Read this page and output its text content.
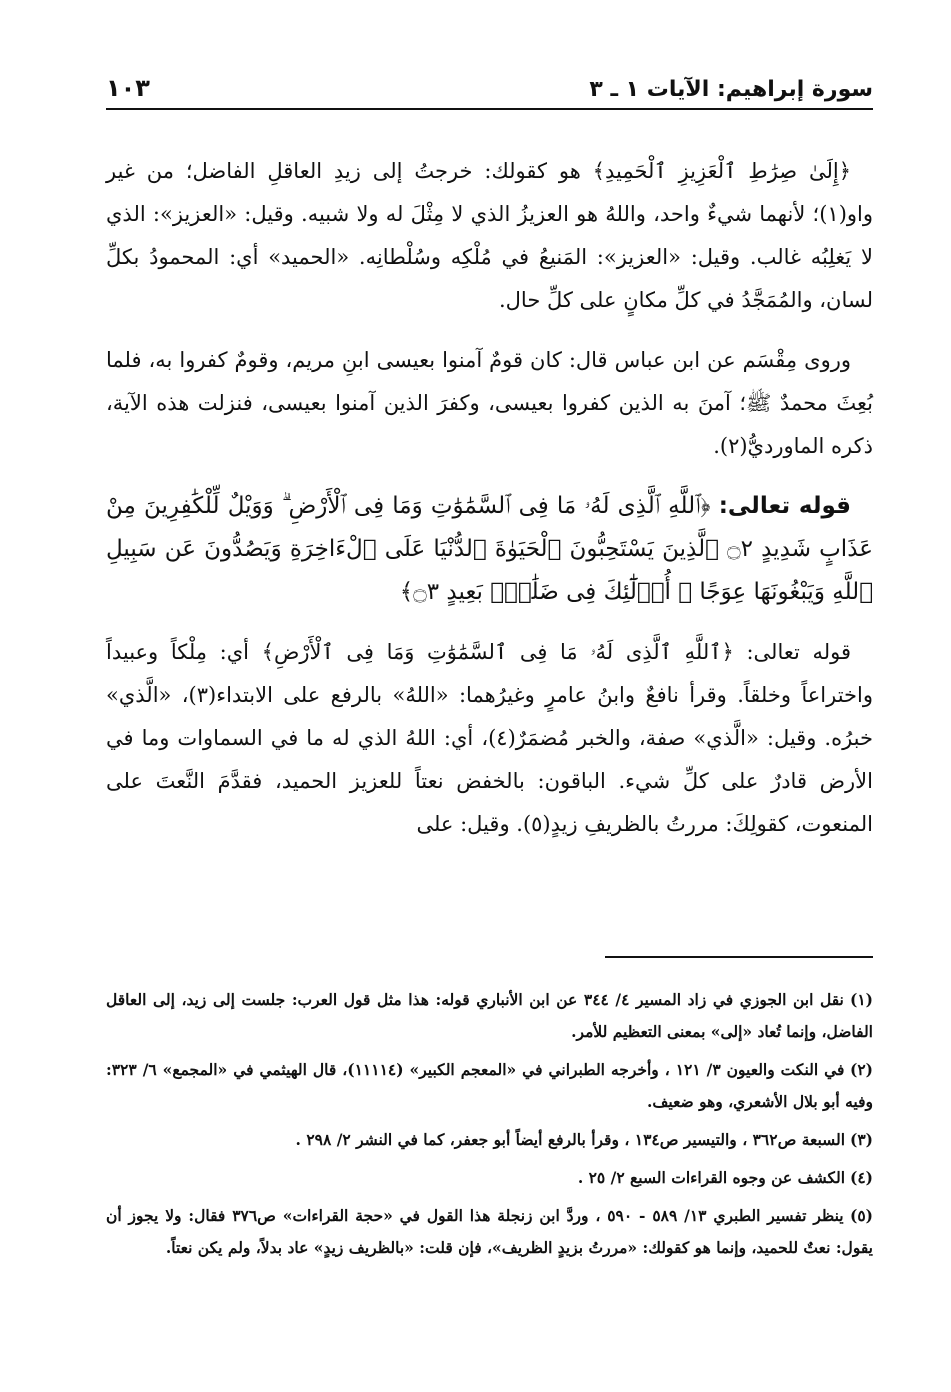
سورة إبراهيم: الآيات ١ ـ ٣
١٠٣

﴿إِلَىٰ صِرَٰطِ ٱلْعَزِيزِ ٱلْحَمِيدِ﴾ هو كقولك: خرجتُ إلى زيدِ العاقلِ الفاضل؛ من غير واو(١)؛ لأنهما شيءٌ واحد، واللهُ هو العزيزُ الذي لا مِثْلَ له ولا شبيه. وقيل: «العزيز»: الذي لا يَغلِبُه غالب. وقيل: «العزيز»: المَنيعُ في مُلْكِه وسُلْطانِه. «الحميد» أي: المحمودُ بكلِّ لسان، والمُمَجَّدُ في كلِّ مكانٍ على كلِّ حال.

وروى مِقْسَم عن ابن عباس قال: كان قومٌ آمنوا بعيسى ابنِ مريم، وقومٌ كفروا به، فلما بُعِثَ محمدٌ ﷺ؛ آمنَ به الذين كفروا بعيسى، وكفرَ الذين آمنوا بعيسى، فنزلت هذه الآية، ذكره الماورديُّ(٢).

قوله تعالى: ﴿ٱللَّهِ ٱلَّذِى لَهُۥ مَا فِى ٱلسَّمَٰوَٰتِ وَمَا فِى ٱلْأَرْضِ ۗ وَوَيْلٌ لِّلْكَٰفِرِينَ مِنْ عَذَابٍ شَدِيدٍ ۝٢ ٱلَّذِينَ يَسْتَحِبُّونَ ٱلْحَيَوٰةَ ٱلدُّنْيَا عَلَى ٱلْءَاخِرَةِ وَيَصُدُّونَ عَن سَبِيلِ ٱللَّهِ وَيَبْغُونَهَا عِوَجًا ۚ أُو۟لَٰٓئِكَ فِى ضَلَٰلٍۭ بَعِيدٍ ۝٣﴾

قوله تعالى: ﴿ٱللَّهِ ٱلَّذِى لَهُۥ مَا فِى ٱلسَّمَٰوَٰتِ وَمَا فِى ٱلْأَرْضِ﴾ أي: مِلْكاً وعبيداً واختراعاً وخلقاً. وقرأ نافعٌ وابنُ عامرٍ وغيرُهما: «اللهُ» بالرفع على الابتداء(٣)، «الَّذي» خبرُه. وقيل: «الَّذي» صفة، والخبر مُضمَرٌ(٤)، أي: اللهُ الذي له ما في السماوات وما في الأرض قادرٌ على كلِّ شيء. الباقون: بالخفض نعتاً للعزيز الحميد، فقدَّمَ النَّعتَ على المنعوت، كقولِكَ: مررتُ بالظريفِ زيدٍ(٥). وقيل: على

(١) نقل ابن الجوزي في زاد المسير ٤/ ٣٤٤ عن ابن الأنباري قوله: هذا مثل قول العرب: جلست إلى زيد، إلى العاقل الفاضل، وإنما تُعاد «إلى» بمعنى التعظيم للأمر.
(٢) في النكت والعيون ٣/ ١٢١ ، وأخرجه الطبراني في «المعجم الكبير» (١١١١٤)، قال الهيثمي في «المجمع» ٦/ ٣٢٣: وفيه أبو بلال الأشعري، وهو ضعيف.
(٣) السبعة ص٣٦٢ ، والتيسير ص١٣٤ ، وقرأ بالرفع أيضاً أبو جعفر، كما في النشر ٢/ ٢٩٨ .
(٤) الكشف عن وجوه القراءات السبع ٢/ ٢٥ .
(٥) ينظر تفسير الطبري ١٣/ ٥٨٩ - ٥٩٠ ، وردَّ ابن زنجلة هذا القول في «حجة القراءات» ص٣٧٦ فقال: ولا يجوز أن يقول: نعتٌ للحميد، وإنما هو كقولك: «مررتُ بزيدٍ الظريف»، فإن قلت: «بالظريف زيدٍ» عاد بدلاً، ولم يكن نعتاً.
